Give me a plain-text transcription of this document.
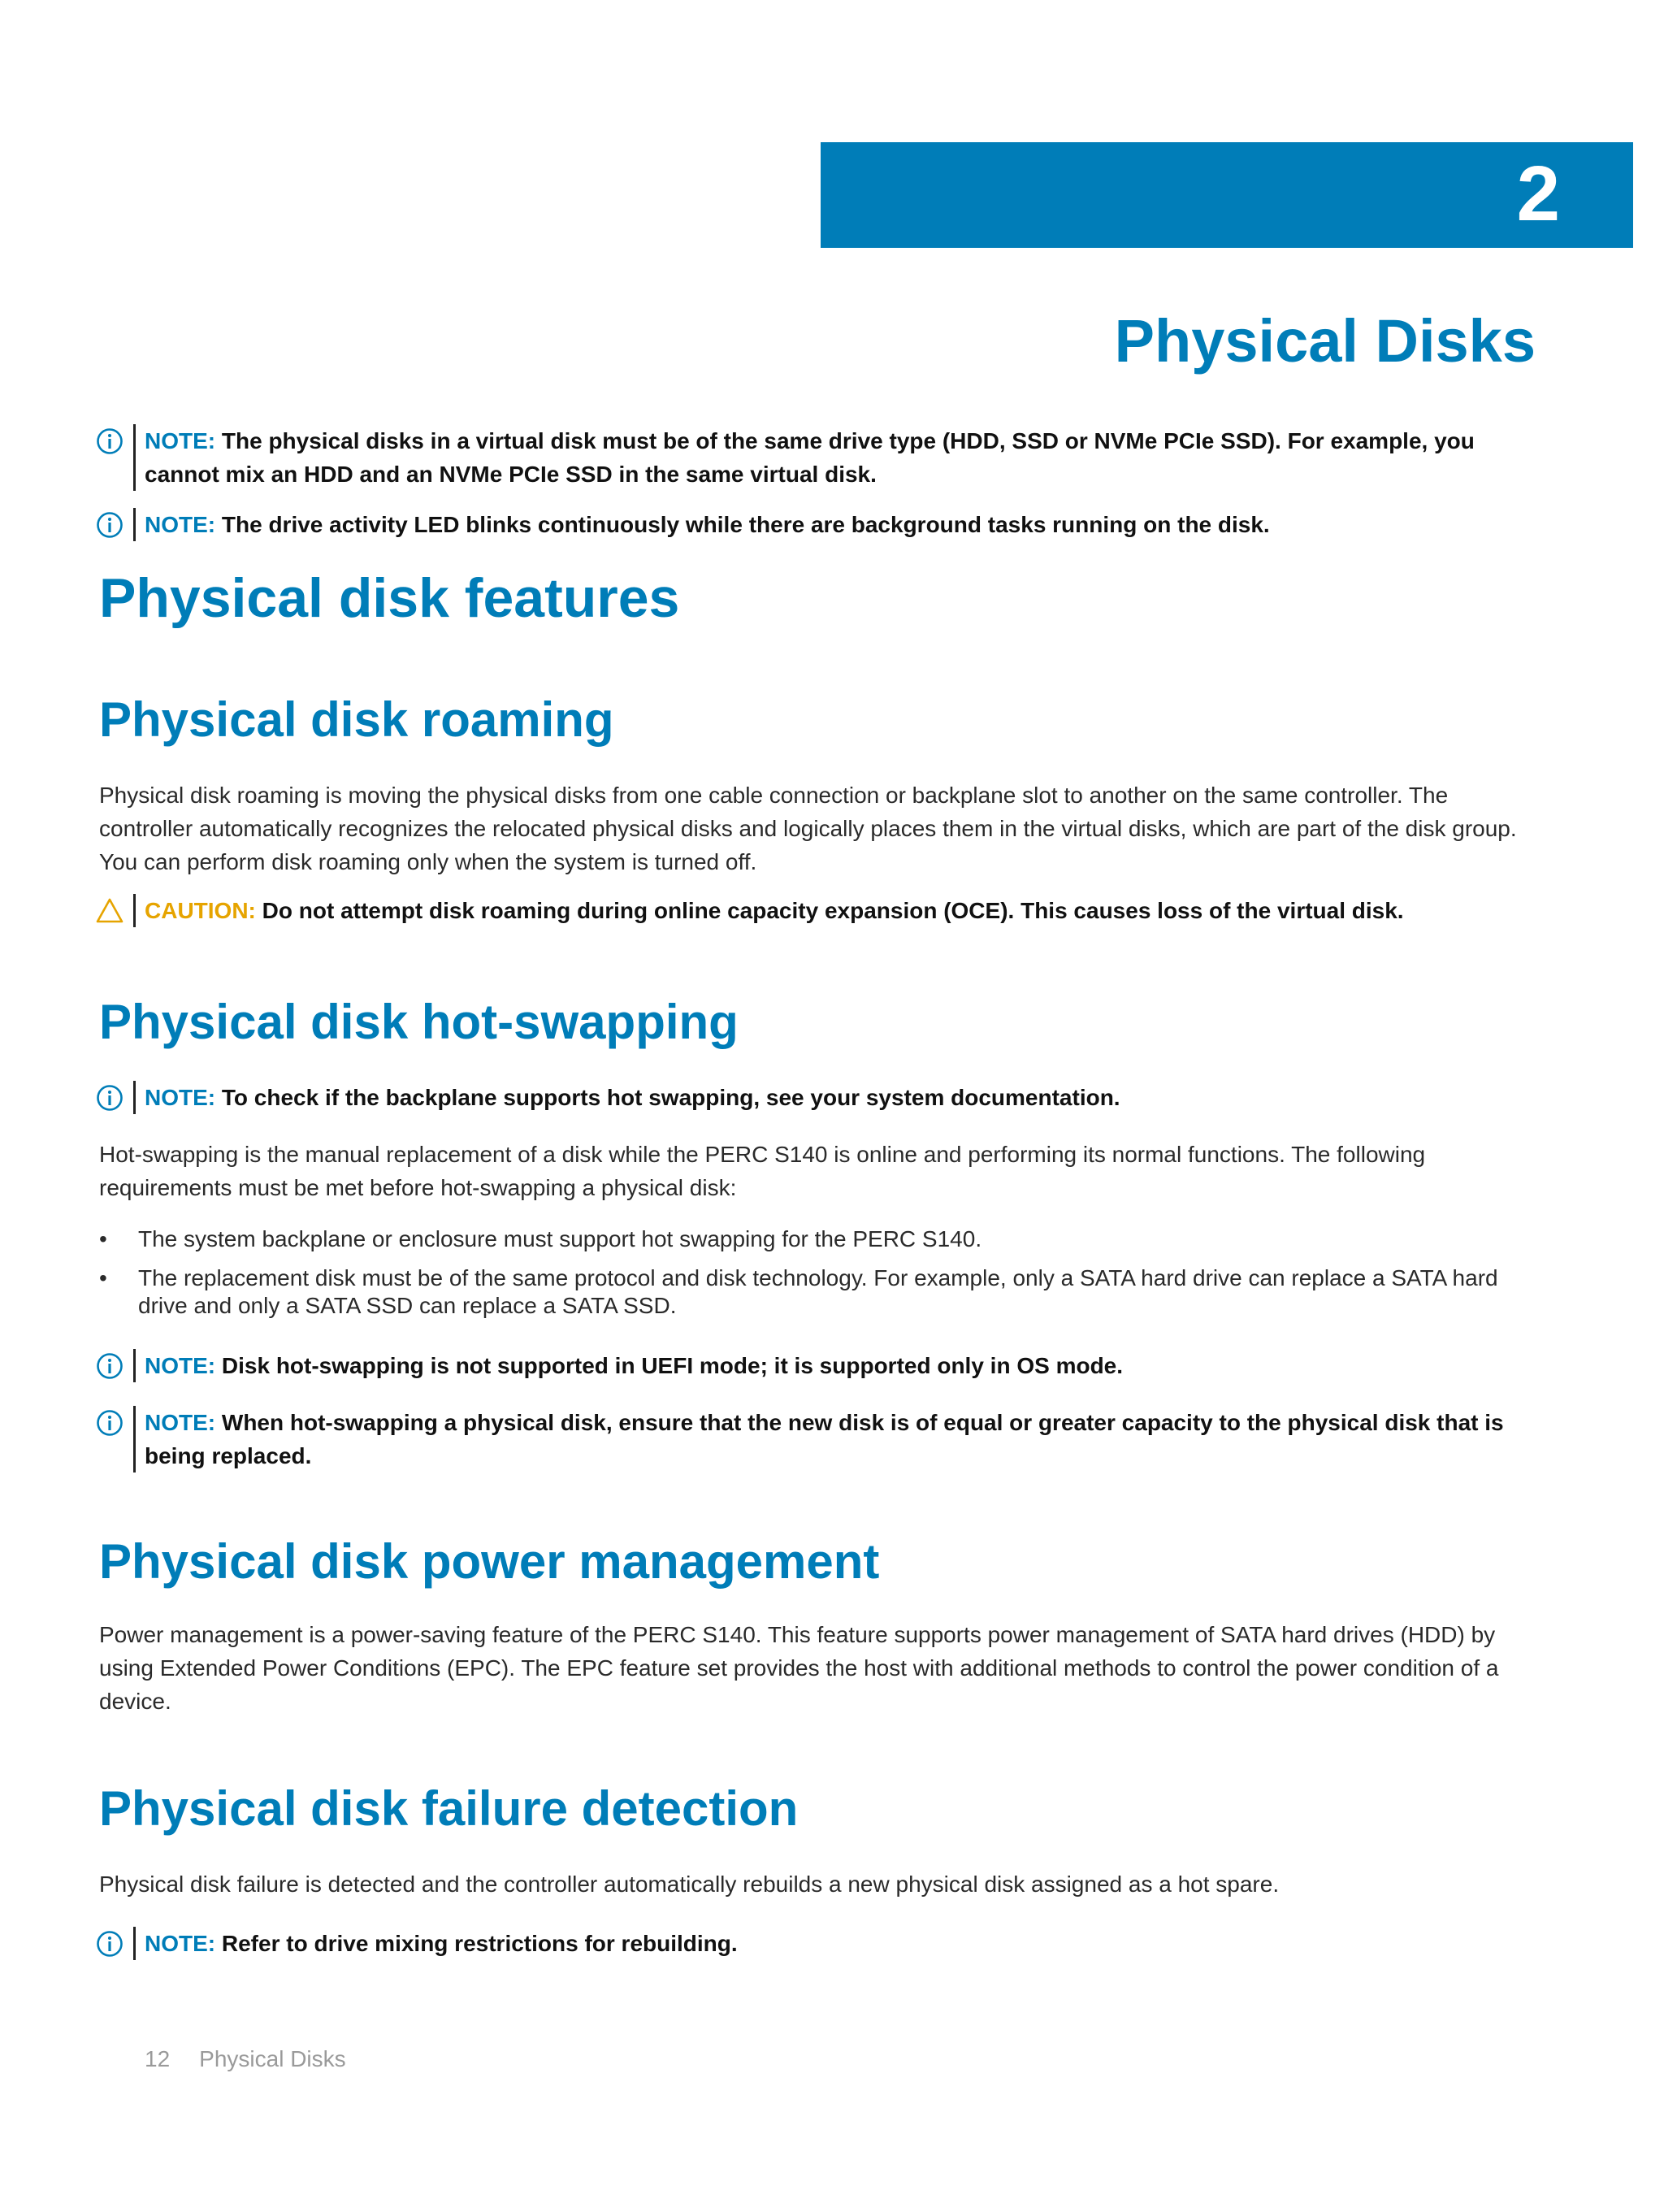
2
Physical Disks
NOTE: The physical disks in a virtual disk must be of the same drive type (HDD, SSD or NVMe PCIe SSD). For example, you cannot mix an HDD and an NVMe PCIe SSD in the same virtual disk.
NOTE: The drive activity LED blinks continuously while there are background tasks running on the disk.
Physical disk features
Physical disk roaming

Physical disk roaming is moving the physical disks from one cable connection or backplane slot to another on the same controller. The controller automatically recognizes the relocated physical disks and logically places them in the virtual disks, which are part of the disk group. You can perform disk roaming only when the system is turned off.

CAUTION: Do not attempt disk roaming during online capacity expansion (OCE). This causes loss of the virtual disk.
Physical disk hot-swapping
NOTE: To check if the backplane supports hot swapping, see your system documentation.

Hot-swapping is the manual replacement of a disk while the PERC S140 is online and performing its normal functions. The following requirements must be met before hot-swapping a physical disk:

• The system backplane or enclosure must support hot swapping for the PERC S140.
• The replacement disk must be of the same protocol and disk technology. For example, only a SATA hard drive can replace a SATA hard drive and only a SATA SSD can replace a SATA SSD.
NOTE: Disk hot-swapping is not supported in UEFI mode; it is supported only in OS mode.
NOTE: When hot-swapping a physical disk, ensure that the new disk is of equal or greater capacity to the physical disk that is being replaced.
Physical disk power management

Power management is a power-saving feature of the PERC S140. This feature supports power management of SATA hard drives (HDD) by using Extended Power Conditions (EPC). The EPC feature set provides the host with additional methods to control the power condition of a device.

Physical disk failure detection

Physical disk failure is detected and the controller automatically rebuilds a new physical disk assigned as a hot spare.

NOTE: Refer to drive mixing restrictions for rebuilding.
12 Physical Disks
